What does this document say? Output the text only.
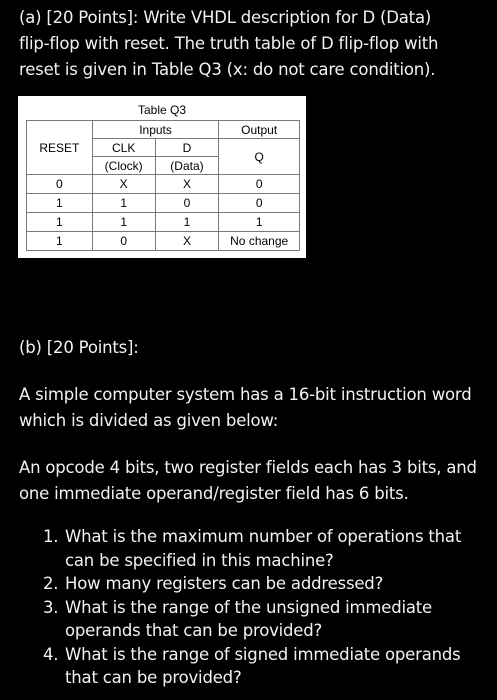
(a) [20 Points]: Write VHDL description for D (Data)
flip-flop with reset. The truth table of D flip-flop with
reset is given in Table Q3 (x: do not care condition).
Table Q3
RESET	Inputs		Output
	CLK	D	Q
	(Clock)	(Data)	
0	X	X	0
1	1	0	0
1	1	1	1
1	0	X	No change
(b) [20 Points]:
A simple computer system has a 16-bit instruction word
which is divided as given below:
An opcode 4 bits, two register fields each has 3 bits, and
one immediate operand/register field has 6 bits.
1. What is the maximum number of operations that
can be specified in this machine?
2. How many registers can be addressed?
3. What is the range of the unsigned immediate
operands that can be provided?
4. What is the range of signed immediate operands
that can be provided?
